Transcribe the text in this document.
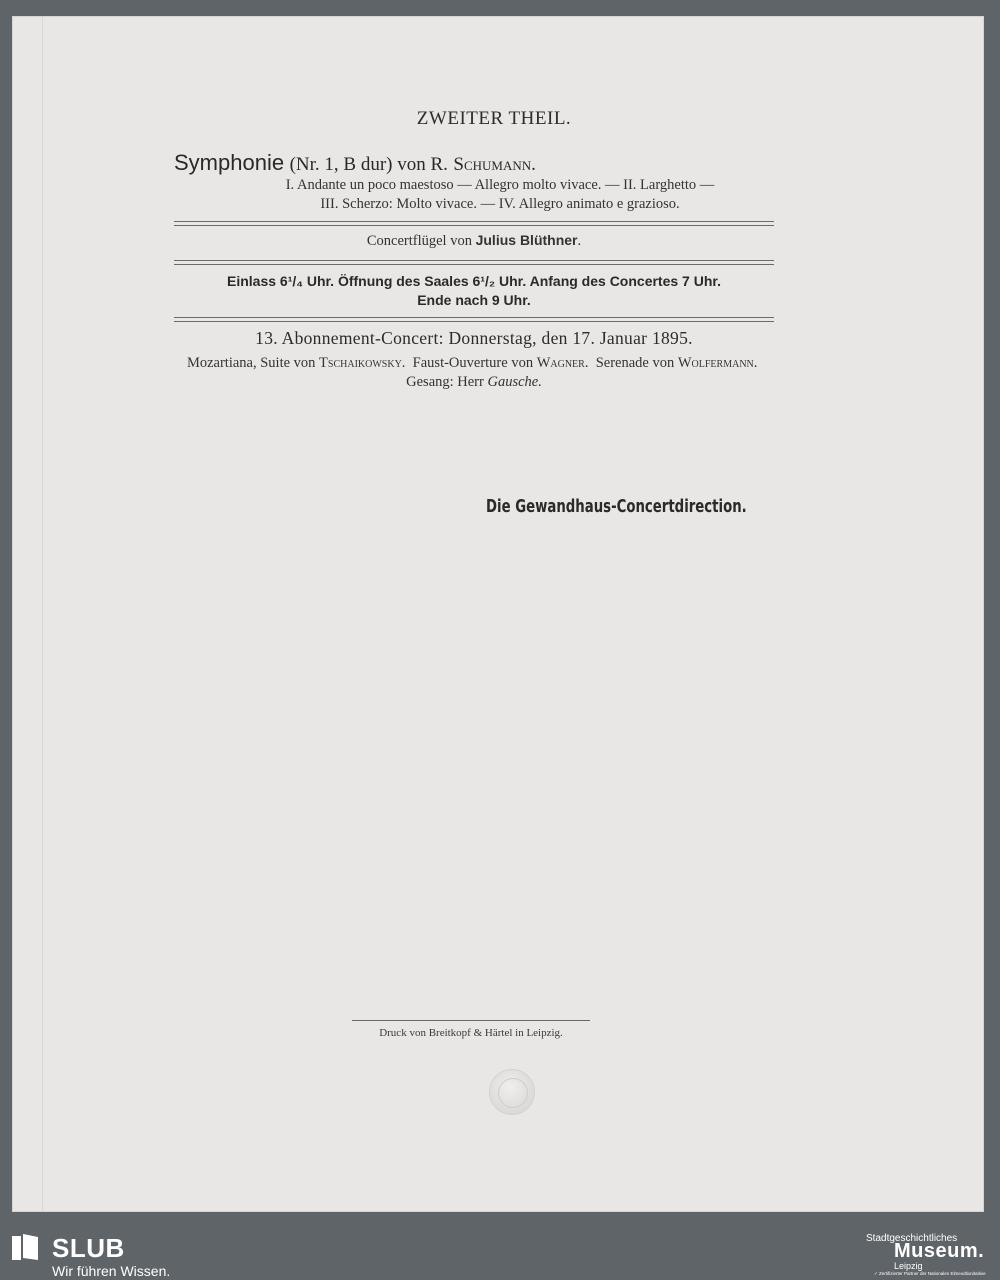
ZWEITER THEIL.
Symphonie (Nr. 1, B dur) von R. Schumann.
I. Andante un poco maestoso — Allegro molto vivace. — II. Larghetto —
III. Scherzo: Molto vivace. — IV. Allegro animato e grazioso.
Concertflügel von Julius Blüthner.
Einlass 6¹/₄ Uhr. Öffnung des Saales 6¹/₂ Uhr. Anfang des Concertes 7 Uhr.
Ende nach 9 Uhr.
13. Abonnement-Concert: Donnerstag, den 17. Januar 1895.
Mozartiana, Suite von Tschaikowsky. Faust-Ouverture von Wagner. Serenade von Wolfermann.  Gesang: Herr Gausche.
Die Gewandhaus-Concertdirection.
Druck von Breitkopf & Härtel in Leipzig.
SLUB
Wir führen Wissen.
Stadtgeschichtliches
Museum.
Leipzig
✓ Zertifizierter Partner der Nationalen Elmexdtionitaitive
